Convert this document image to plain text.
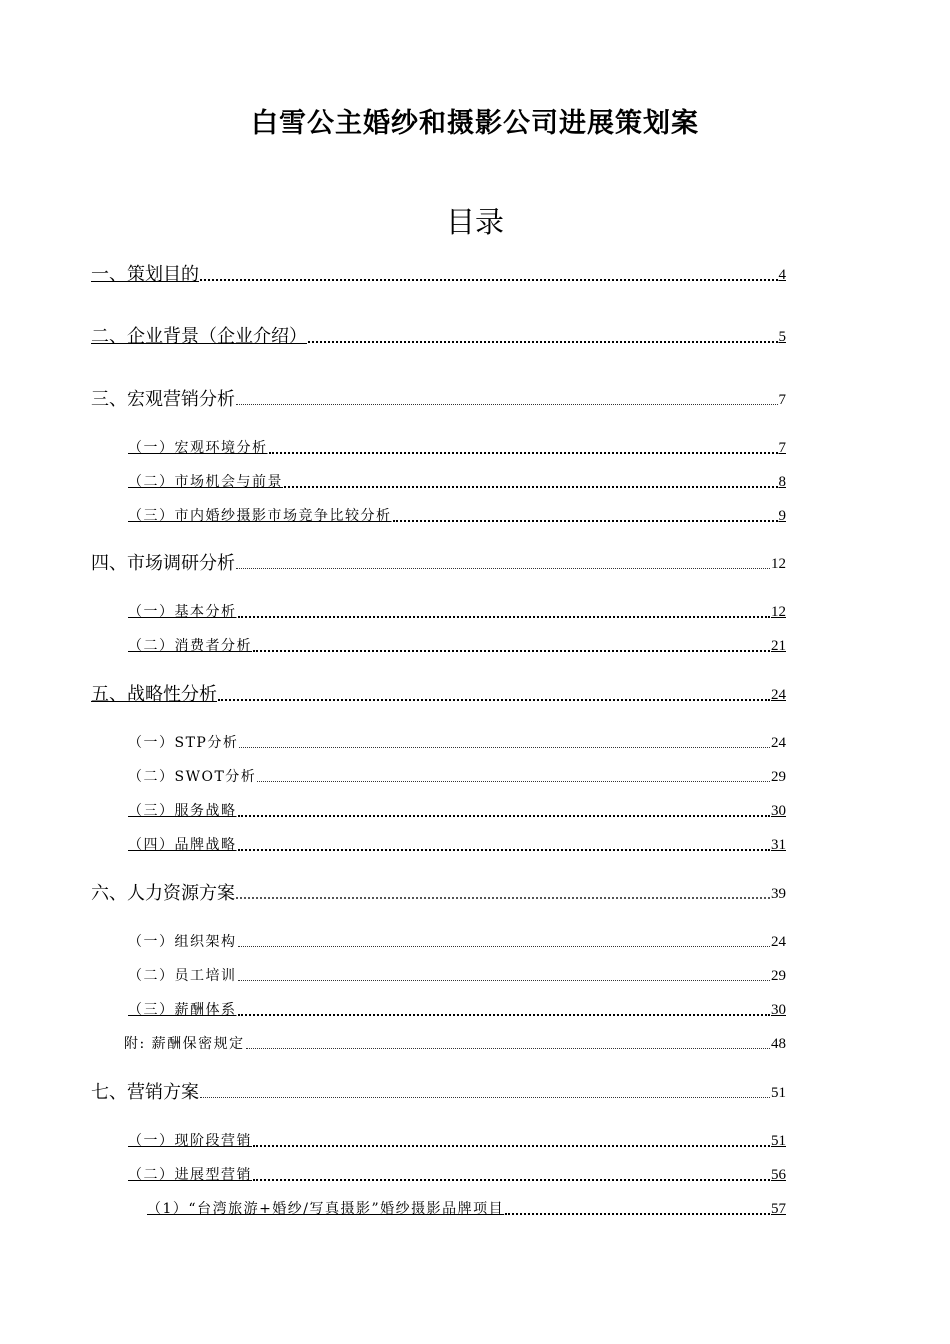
白雪公主婚纱和摄影公司进展策划案
目录
一、策划目的	4
二、企业背景（企业介绍）	5
三、宏观营销分析	7
（一）宏观环境分析	7
（二）市场机会与前景	8
（三）市内婚纱摄影市场竞争比较分析	9
四、市场调研分析	12
（一）基本分析	12
（二）消费者分析	21
五、战略性分析	24
（一）STP分析	24
（二）SWOT分析	29
（三）服务战略	30
（四）品牌战略	31
六、人力资源方案	39
（一）组织架构	24
（二）员工培训	29
（三）薪酬体系	30
附: 薪酬保密规定	48
七、营销方案	51
（一）现阶段营销	51
（二）进展型营销	56
（1）“台湾旅游+婚纱/写真摄影”婚纱摄影品牌项目	57
